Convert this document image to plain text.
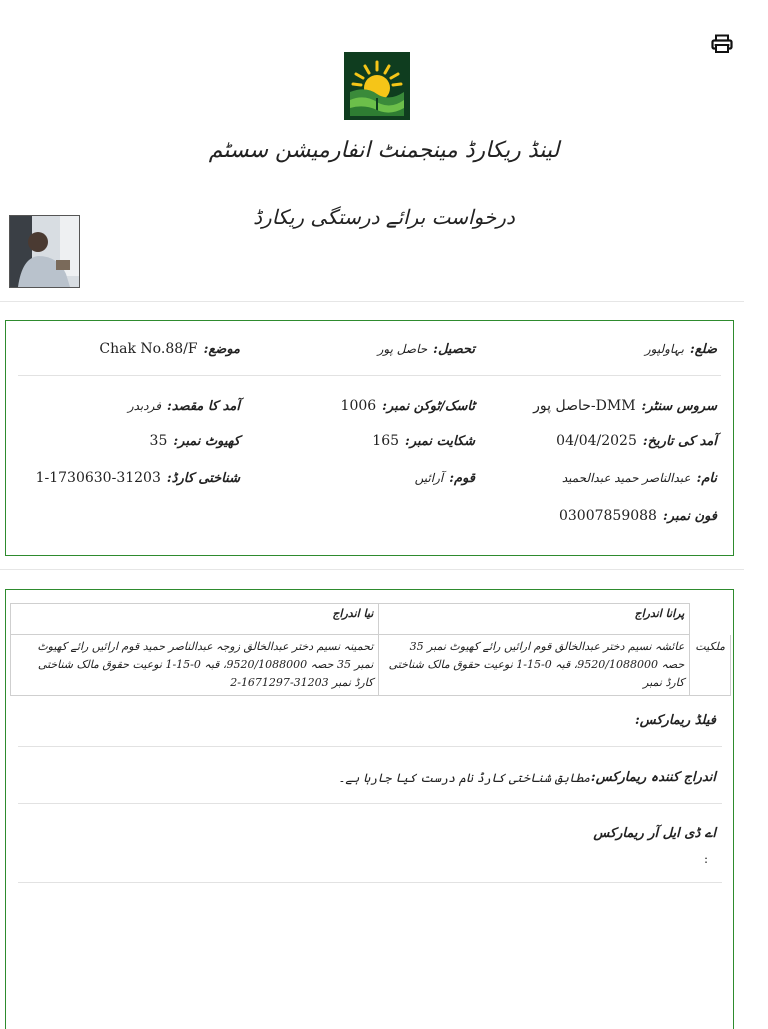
لینڈ ریکارڈ مینجمنٹ انفارمیشن سسٹم
درخواست برائے درستگی ریکارڈ
ضلع:بہاولپور
تحصیل:حاصل پور
موضع:Chak No.88/F
سروس سنٹر:DMM-حاصل پور
ٹاسک/ٹوکن نمبر:1006
آمد کا مقصد:فردبدر
آمد کی تاریخ:04/04/2025
شکایت نمبر:165
کھیوٹ نمبر:35
نام:عبدالناصر حمید عبدالحمید
قوم:آرائیں
شناختی کارڈ:31203-1730630-1
فون نمبر:03007859088
	پرانا اندراج	نیا اندراج
ملکیت	عائشہ نسیم دختر عبدالخالق قوم ارائیں رائے کھیوٹ نمبر 35 حصہ 9520/1088000، قبہ 0-15-1 نوعیت حقوق مالک شناختی کارڈ نمبر	تحمینہ نسیم دختر عبدالخالق زوجہ عبدالناصر حمید قوم ارائیں رائے کھیوٹ نمبر 35 حصہ 9520/1088000، قبہ 0-15-1 نوعیت حقوق مالک شناختی کارڈ نمبر 31203-1671297-2
فیلڈ ریمارکس:
اندراج کنندہ ریمارکس:
مطابق شناختی کارڈ نام درست کیا جارہا ہے۔
اے ڈی ایل آر ریمارکس
:
